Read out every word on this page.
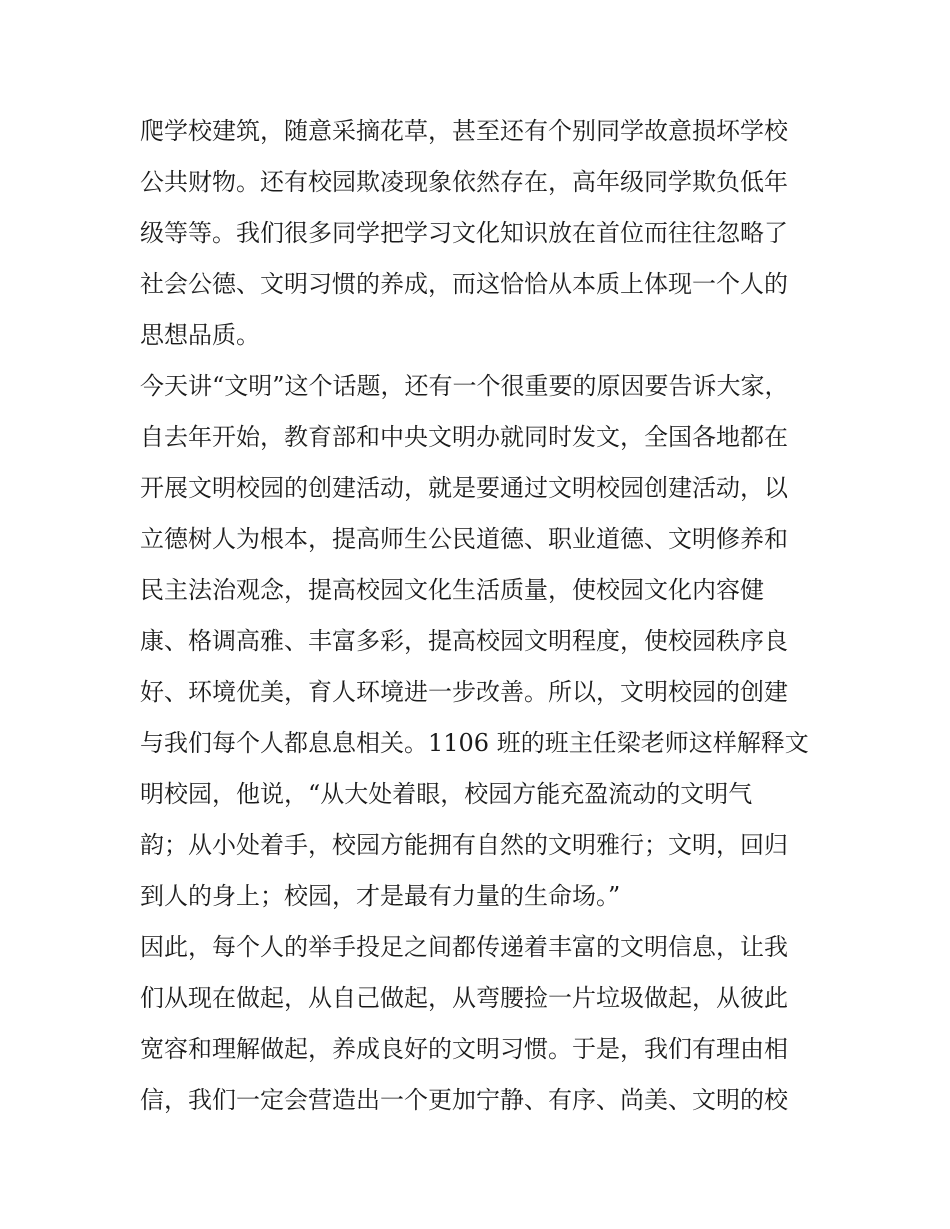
爬学校建筑，随意采摘花草，甚至还有个别同学故意损坏学校
公共财物。还有校园欺凌现象依然存在，高年级同学欺负低年
级等等。我们很多同学把学习文化知识放在首位而往往忽略了
社会公德、文明习惯的养成，而这恰恰从本质上体现一个人的
思想品质。
今天讲“文明”这个话题，还有一个很重要的原因要告诉大家，
自去年开始，教育部和中央文明办就同时发文，全国各地都在
开展文明校园的创建活动，就是要通过文明校园创建活动，以
立德树人为根本，提高师生公民道德、职业道德、文明修养和
民主法治观念，提高校园文化生活质量，使校园文化内容健
康、格调高雅、丰富多彩，提高校园文明程度，使校园秩序良
好、环境优美，育人环境进一步改善。所以，文明校园的创建
与我们每个人都息息相关。1106 班的班主任梁老师这样解释文
明校园，他说，“从大处着眼，校园方能充盈流动的文明气
韵；从小处着手，校园方能拥有自然的文明雅行；文明，回归
到人的身上；校园，才是最有力量的生命场。”
因此，每个人的举手投足之间都传递着丰富的文明信息，让我
们从现在做起，从自己做起，从弯腰捡一片垃圾做起，从彼此
宽容和理解做起，养成良好的文明习惯。于是，我们有理由相
信，我们一定会营造出一个更加宁静、有序、尚美、文明的校
